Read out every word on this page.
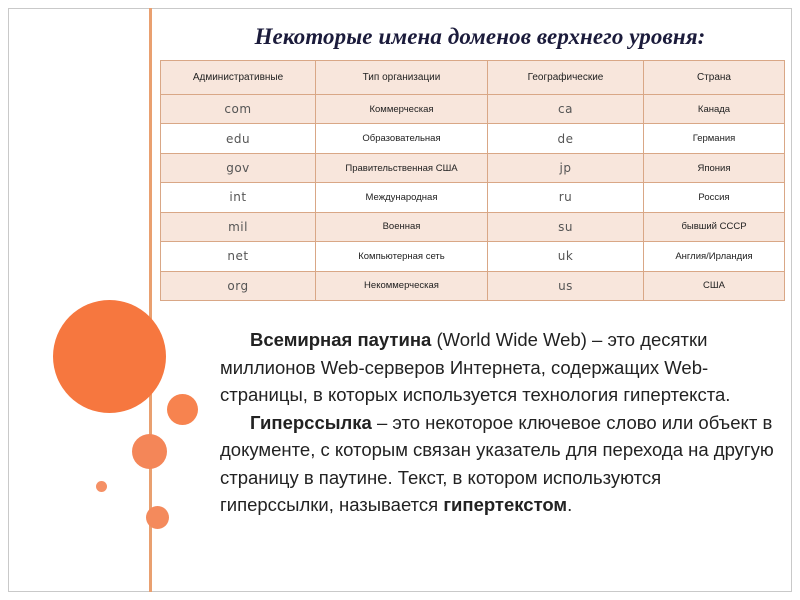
Некоторые имена доменов верхнего уровня:
Административные	Тип организации	Географические	Страна
com	Коммерческая	ca	Канада
edu	Образовательная	de	Германия
gov	Правительственная США	jp	Япония
int	Международная	ru	Россия
mil	Военная	su	бывший СССР
net	Компьютерная сеть	uk	Англия/Ирландия
org	Некоммерческая	us	США

Всемирная паутина (World Wide Web) – это десятки миллионов Web-серверов Интернета, содержащих Web-страницы, в которых используется технология гипертекста.

Гиперссылка – это некоторое ключевое слово или объект в документе, с которым связан указатель для перехода на другую страницу в паутине. Текст, в котором используются гиперссылки, называется гипертекстом.
